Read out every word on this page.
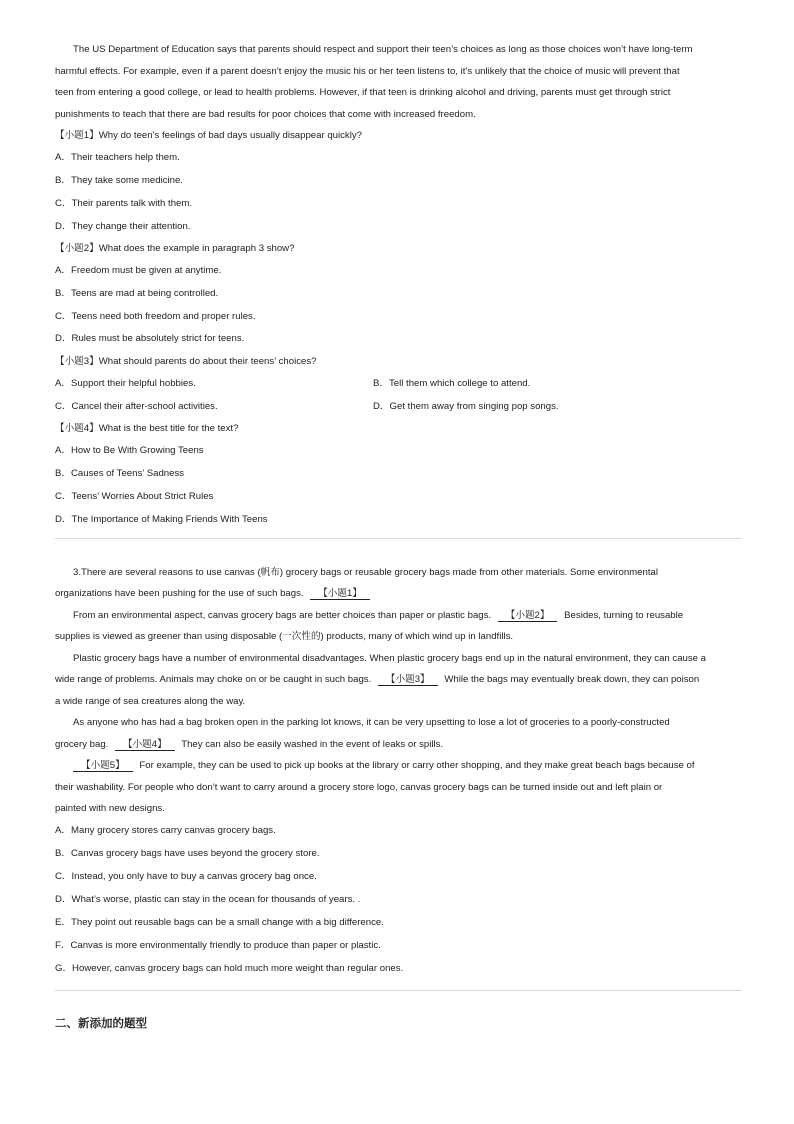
The US Department of Education says that parents should respect and support their teen’s choices as long as those choices won’t have long-term
harmful effects. For example, even if a parent doesn’t enjoy the music his or her teen listens to, it’s unlikely that the choice of music will prevent that
teen from entering a good college, or lead to health problems. However, if that teen is drinking alcohol and driving, parents must get through strict
punishments to teach that there are bad results for poor choices that come with increased freedom.
【小题1】Why do teen’s feelings of bad days usually disappear quickly?
A．Their teachers help them.
B．They take some medicine.
C．Their parents talk with them.
D．They change their attention.
【小题2】What does the example in paragraph 3 show?
A．Freedom must be given at anytime.
B．Teens are mad at being controlled.
C．Teens need both freedom and proper rules.
D．Rules must be absolutely strict for teens.
【小题3】What should parents do about their teens’ choices?
A．Support their helpful hobbies.	B．Tell them which college to attend.
C．Cancel their after-school activities.	D．Get them away from singing pop songs.
【小题4】What is the best title for the text?
A．How to Be With Growing Teens
B．Causes of Teens’ Sadness
C．Teens’ Worries About Strict Rules
D．The Importance of Making Friends With Teens
3.There are several reasons to use canvas (帆布) grocery bags or reusable grocery bags made from other materials. Some environmental
organizations have been pushing for the use of such bags. 【小题1】
From an environmental aspect, canvas grocery bags are better choices than paper or plastic bags. 【小题2】 Besides, turning to reusable
supplies is viewed as greener than using disposable (一次性的) products, many of which wind up in landfills.
Plastic grocery bags have a number of environmental disadvantages. When plastic grocery bags end up in the natural environment, they can cause a
wide range of problems. Animals may choke on or be caught in such bags. 【小题3】 While the bags may eventually break down, they can poison
a wide range of sea creatures along the way.
As anyone who has had a bag broken open in the parking lot knows, it can be very upsetting to lose a lot of groceries to a poorly-constructed
grocery bag. 【小题4】 They can also be easily washed in the event of leaks or spills.
【小题5】 For example, they can be used to pick up books at the library or carry other shopping, and they make great beach bags because of
their washability. For people who don’t want to carry around a grocery store logo, canvas grocery bags can be turned inside out and left plain or
painted with new designs.
A．Many grocery stores carry canvas grocery bags.
B．Canvas grocery bags have uses beyond the grocery store.
C．Instead, you only have to buy a canvas grocery bag once.
D．What’s worse, plastic can stay in the ocean for thousands of years. .
E．They point out reusable bags can be a small change with a big difference.
F．Canvas is more environmentally friendly to produce than paper or plastic.
G．However, canvas grocery bags can hold much more weight than regular ones.
二、新添加的题型
